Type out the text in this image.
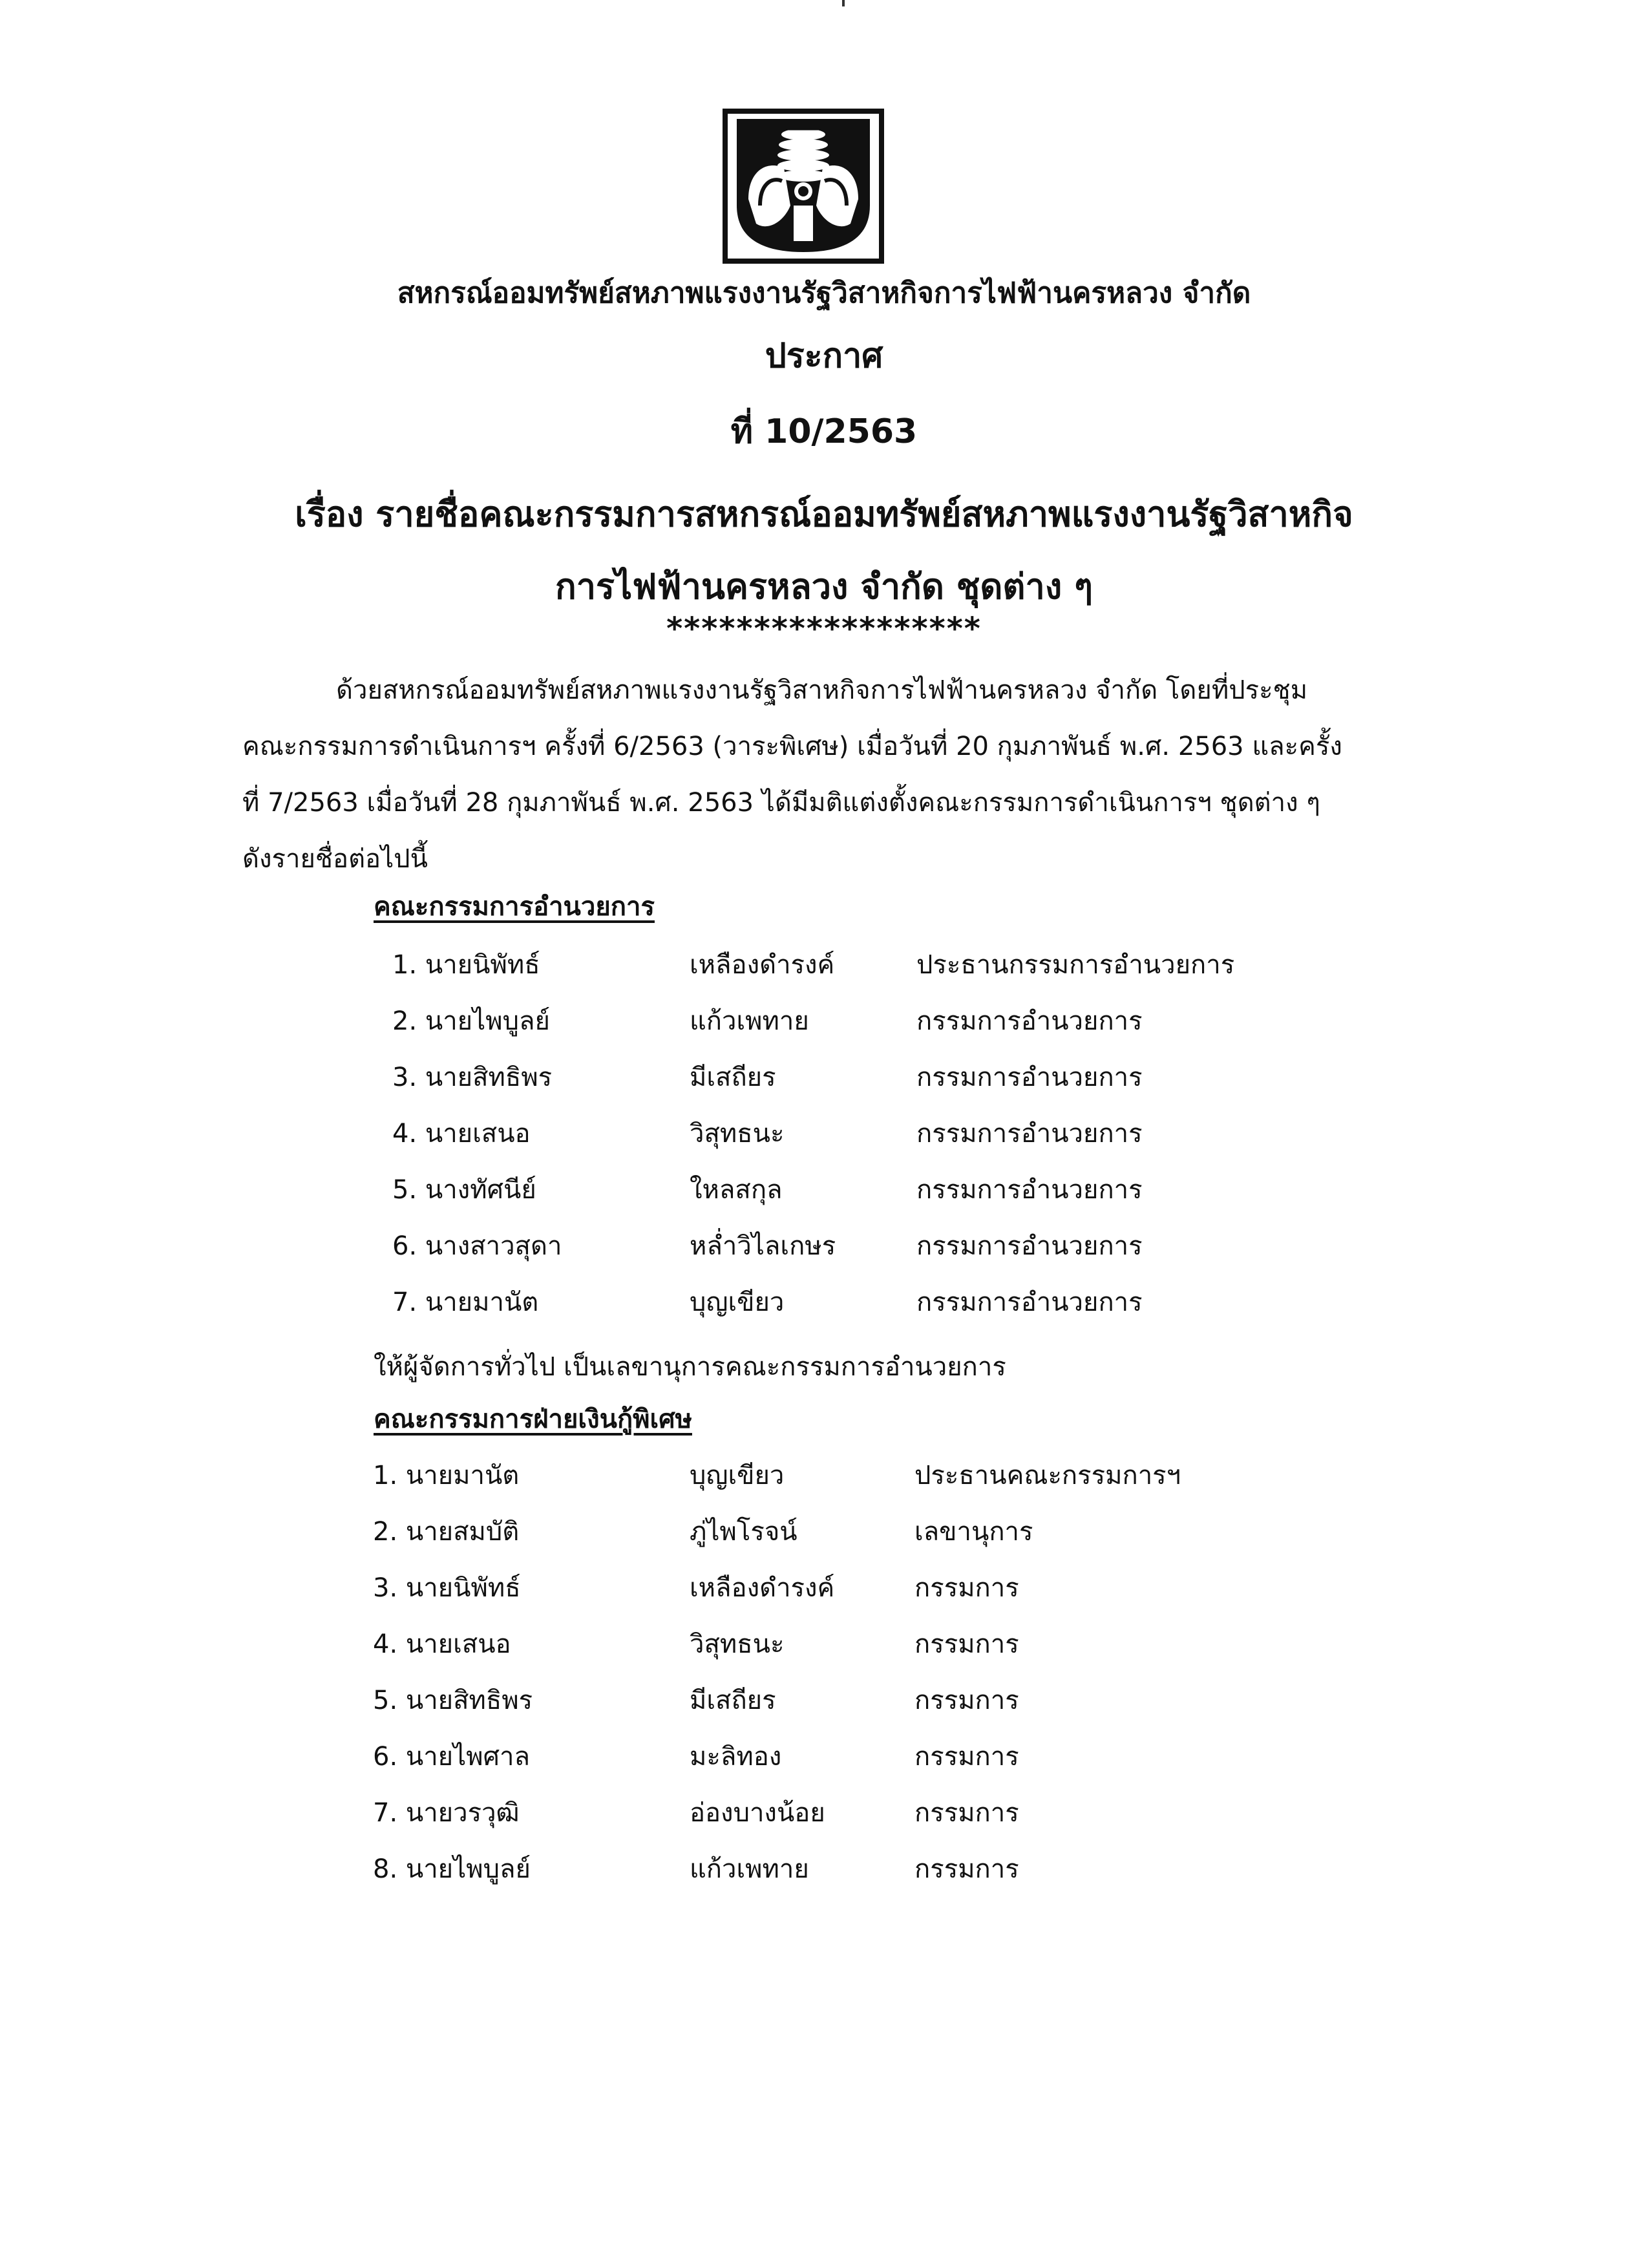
สหกรณ์ออมทรัพย์สหภาพแรงงานรัฐวิสาหกิจการไฟฟ้านครหลวง จำกัด
ประกาศ
ที่ 10/2563
เรื่อง รายชื่อคณะกรรมการสหกรณ์ออมทรัพย์สหภาพแรงงานรัฐวิสาหกิจ
การไฟฟ้านครหลวง จำกัด ชุดต่าง ๆ
******************
ด้วยสหกรณ์ออมทรัพย์สหภาพแรงงานรัฐวิสาหกิจการไฟฟ้านครหลวง จำกัด โดยที่ประชุม
คณะกรรมการดำเนินการฯ ครั้งที่ 6/2563 (วาระพิเศษ) เมื่อวันที่ 20 กุมภาพันธ์ พ.ศ. 2563 และครั้ง
ที่ 7/2563 เมื่อวันที่ 28 กุมภาพันธ์ พ.ศ. 2563 ได้มีมติแต่งตั้งคณะกรรมการดำเนินการฯ ชุดต่าง ๆ
ดังรายชื่อต่อไปนี้
คณะกรรมการอำนวยการ
1. นายนิพัทธ์	เหลืองดำรงค์	ประธานกรรมการอำนวยการ
2. นายไพบูลย์	แก้วเพทาย	กรรมการอำนวยการ
3. นายสิทธิพร	มีเสถียร	กรรมการอำนวยการ
4. นายเสนอ	วิสุทธนะ	กรรมการอำนวยการ
5. นางทัศนีย์	ใหลสกุล	กรรมการอำนวยการ
6. นางสาวสุดา	หล่ำวิไลเกษร	กรรมการอำนวยการ
7. นายมานัต	บุญเขียว	กรรมการอำนวยการ
ให้ผู้จัดการทั่วไป เป็นเลขานุการคณะกรรมการอำนวยการ
คณะกรรมการฝ่ายเงินกู้พิเศษ
1. นายมานัต	บุญเขียว	ประธานคณะกรรมการฯ
2. นายสมบัติ	ภู่ไพโรจน์	เลขานุการ
3. นายนิพัทธ์	เหลืองดำรงค์	กรรมการ
4. นายเสนอ	วิสุทธนะ	กรรมการ
5. นายสิทธิพร	มีเสถียร	กรรมการ
6. นายไพศาล	มะลิทอง	กรรมการ
7. นายวรวุฒิ	อ่องบางน้อย	กรรมการ
8. นายไพบูลย์	แก้วเพทาย	กรรมการ
